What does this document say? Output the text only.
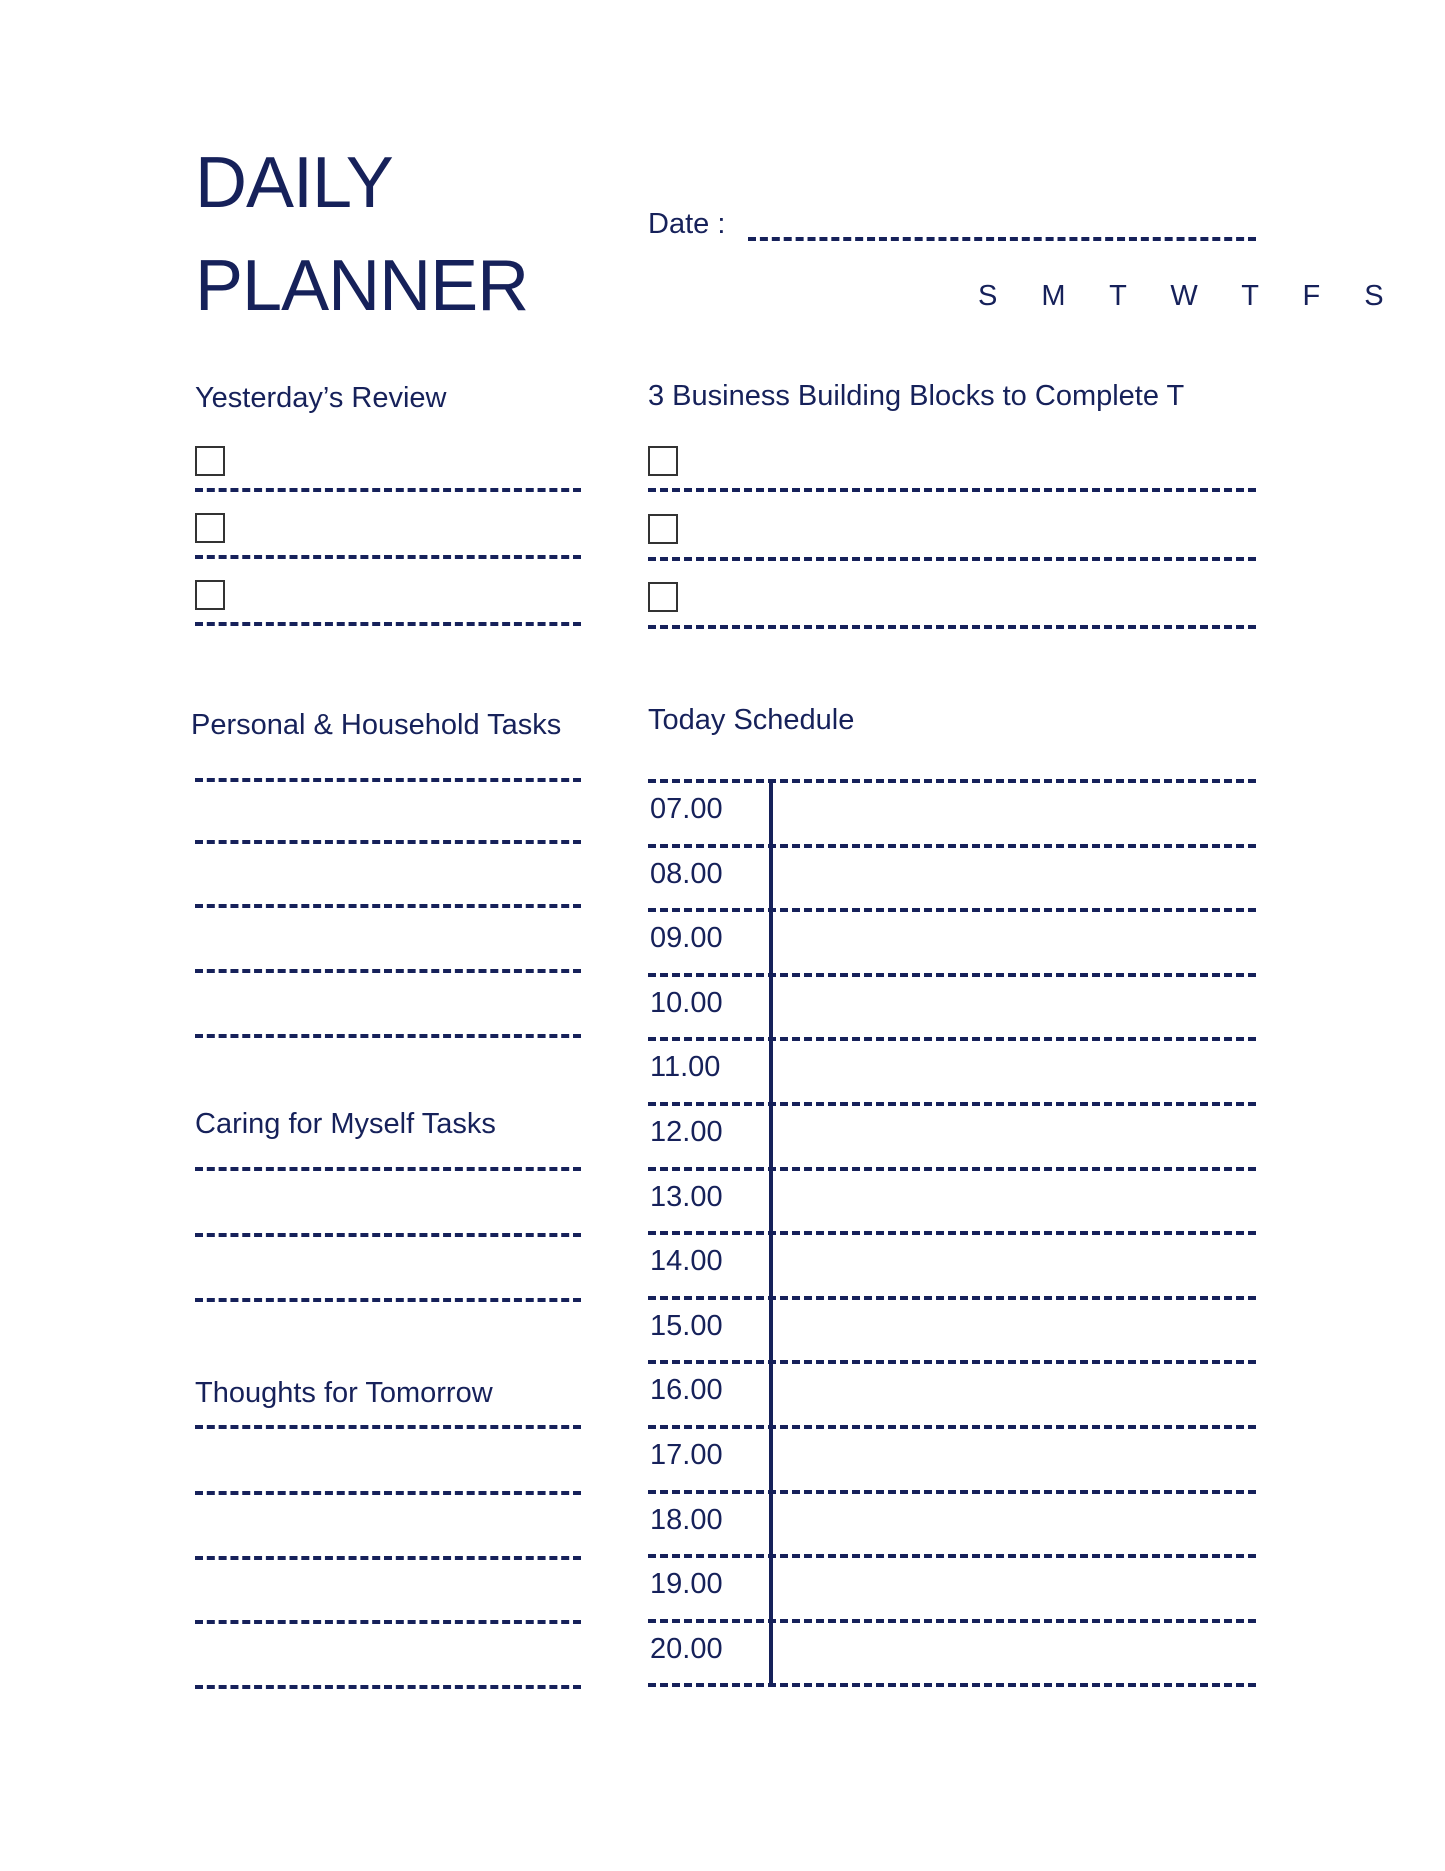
DAILY
PLANNER
Date :
S M T W T F S
Yesterday’s Review	3 Business Building Blocks to Complete T
Personal & Household Tasks
Caring for Myself Tasks
Thoughts for Tomorrow
Today Schedule
07.00
08.00
09.00
10.00
11.00
12.00
13.00
14.00
15.00
16.00
17.00
18.00
19.00
20.00
